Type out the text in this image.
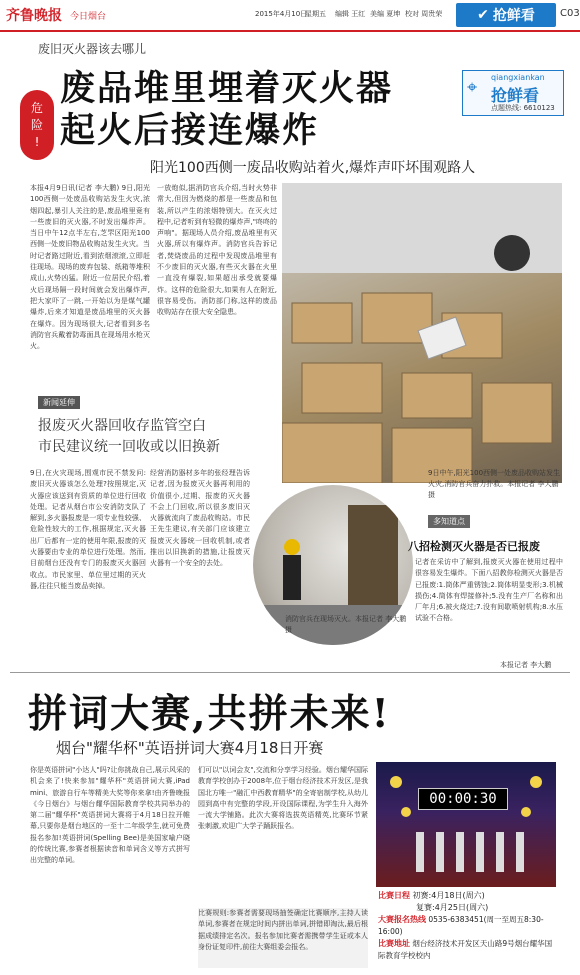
齐鲁晚报 今日烟台	2015年4月10日
星期五 编辑 王红 美编 夏坤 校对 周贵荣 ✔ 抢鲜看	C03
废旧灭火器该去哪儿
危
险
!
废品堆里埋着灭火器
起火后接连爆炸
⌖ qiangxiankan
抢鲜看
点题热线: 6610123
阳光100西侧一废品收购站着火,爆炸声吓坏围观路人
本报4月9日讯(记者 李大鹏) 9日,阳光100西侧一处废品收购站发生火灾,浓烟四起,暴引人关注的是,废品堆里竟有一些废旧的灭火器,不时发出爆炸声。当日中午12点半左右,芝罘区阳光100西侧一处废旧物品收购站发生火灾。当时记者路过附近,看到浓烟滚滚,立即赶往现场。现场的废弃包装、纸箱等堆积成山,火势凶猛。附近一位居民介绍,着火后现场隔一段时间就会发出爆炸声,把大家吓了一跳,一开始以为是煤气罐爆炸,后来才知道是废品堆里的灭火器在爆炸。因为现场很大,记者看到多名消防官兵戴着防毒面具在现场用水枪灭火。
一放炮似,据消防官兵介绍,当时火势非常大,但因为燃烧的都是一些废品和包装,所以产生的浓烟特别大。在灭火过程中,记者听到有轻微的爆炸声,"咚咚的声响"。据现场人员介绍,废品堆里有灭火器,所以有爆炸声。消防官兵告诉记者,焚烧废品的过程中发现废品堆里有不少废旧的灭火器,有些灭火器在火里一直没有爆裂,如果超出承受就要爆炸。这样的危险很大,如果有人在附近,很容易受伤。消防部门称,这样的废品收购站存在很大安全隐患。
9日中午,阳光100西侧一处废品收购站发生火灾,消防官兵奋力扑救。本报记者 李大鹏 摄
新闻延伸
报废灭火器回收存监管空白
市民建议统一回收或以旧换新
9日,在火灾现场,围观市民不禁发问:废旧灭火器该怎么处理?按照规定,灭火器应该送到有资质的单位进行回收处理。记者从烟台市公安消防支队了解到,多火器报废是一项专业性较强、危险性较大的工作,根据规定,灭火器出厂后都有一定的使用年限,报废的灭火器要由专业的单位进行处理。然而,目前烟台还没有专门的报废灭火器回收点。市民家里、单位里过期的灭火器,往往只能当废品卖掉。
经营消防器材多年的张经理告诉记者,因为报废灭火器再利用的价值很小,过期、报废的灭火器不会上门回收,所以很多废旧灭火器就流向了废品收购站。市民王先生建议,有关部门应该建立报废灭火器统一回收机制,或者推出以旧换新的措施,让报废灭火器有一个安全的去处。
消防官兵在现场灭火。本报记者 李大鹏 摄
多知道点
八招检测灭火器是否已报废
记者在采访中了解到,报废灭火器在使用过程中很容易发生爆炸。下面八招教你检测灭火器是否已报废:1.筒体严重锈蚀;2.筒体明显变形;3.机械损伤;4.筒体有焊接修补;5.没有生产厂名称和出厂年月;6.被火烧过;7.没有间歇喷射机构;8.水压试验不合格。
本报记者 李大鹏
拼词大赛,共拼未来!
烟台"耀华杯"英语拼词大赛4月18日开赛
你是英语拼词"小达人"吗?让你挑战自己,展示风采的机会来了!快来参加"耀华杯"英语拼词大赛,iPad mini、旅游自行车等精美大奖等你来拿!由齐鲁晚报《今日烟台》与烟台耀华国际教育学校共同举办的第二届"耀华杯"英语拼词大赛将于4月18日拉开帷幕,只要你是烟台地区的一至十二年级学生,就可免费报名参加!英语拼词(Spelling Bee)是美国家喻户晓的传统比赛,参赛者根据读音和单词含义等方式拼写出完整的单词。
们可以"以词会友",交流和分享学习经验。烟台耀华国际教育学校创办于2008年,位于烟台经济技术开发区,是我国北方唯一"融汇中西教育精华"的全寄宿制学校,从幼儿园到高中有完整的学段,开设国际课程,为学生升入海外一流大学铺路。此次大赛将选拔英语精英,比赛环节紧张刺激,欢迎广大学子踊跃报名。
比赛规则:参赛者需要现场抽签确定比赛顺序,主持人读单词,参赛者在规定时间内拼出单词,拼错即淘汰,最后根据成绩排定名次。报名参加比赛者需携带学生证或本人身份证复印件,前往大赛组委会报名。
00:00:30
比赛日程 初赛:4月18日(周六)
复赛:4月25日(周六)
大赛报名热线 0535-6383451(周一至周五8:30-16:00)
比赛地址 烟台经济技术开发区天山路9号烟台耀华国际教育学校校内
